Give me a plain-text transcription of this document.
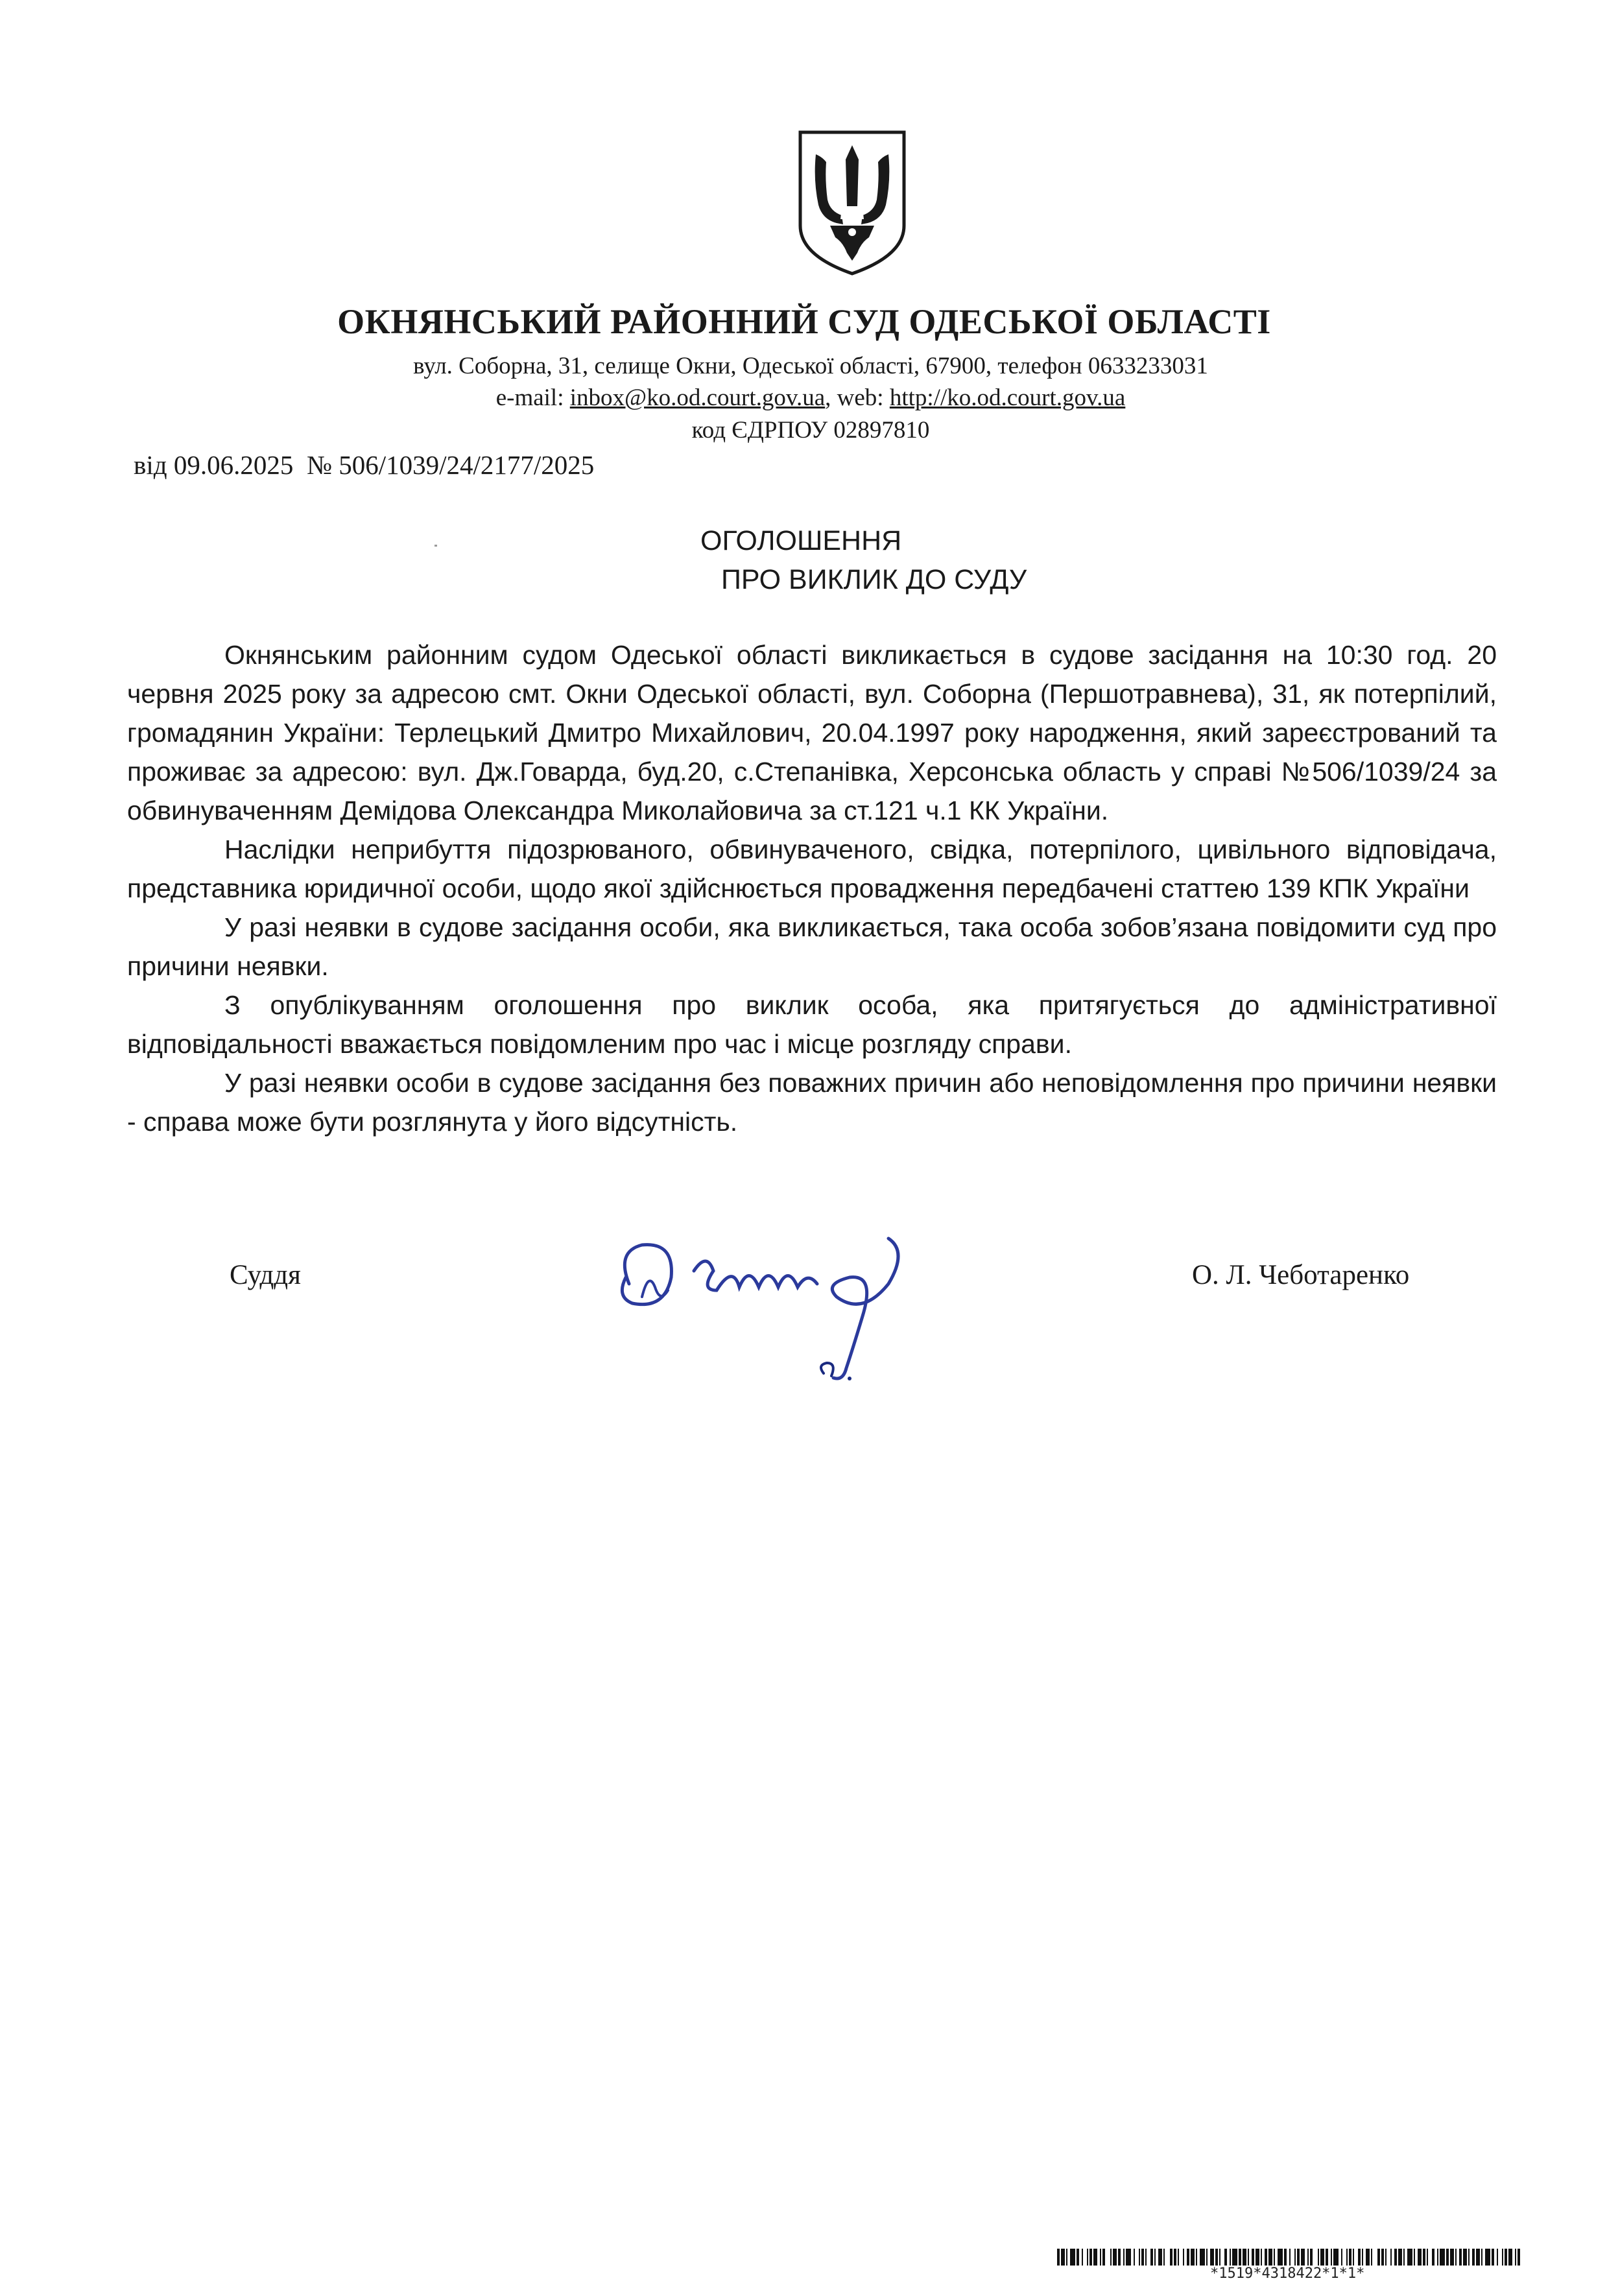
ОКНЯНСЬКИЙ РАЙОННИЙ СУД ОДЕСЬКОЇ ОБЛАСТІ
вул. Соборна, 31, селище Окни, Одеської області, 67900, телефон 0633233031
e-mail: inbox@ko.od.court.gov.ua, web: http://ko.od.court.gov.ua
код ЄДРПОУ 02897810
від 09.06.2025  № 506/1039/24/2177/2025
ОГОЛОШЕННЯ
ПРО ВИКЛИК ДО СУДУ

Окнянським районним судом Одеської області викликається в судове засідання на 10:30 год. 20 червня 2025 року за адресою смт. Окни Одеської області, вул. Соборна (Першотравнева), 31, як потерпілий, громадянин України: Терлецький Дмитро Михайлович, 20.04.1997 року народження, який зареєстрований та проживає за адресою: вул. Дж.Говарда, буд.20, с.Степанівка, Херсонська область у справі №506/1039/24 за обвинуваченням Демідова Олександра Миколайовича за ст.121 ч.1 КК України.

Наслідки неприбуття підозрюваного, обвинуваченого, свідка, потерпілого, цивільного відповідача, представника юридичної особи, щодо якої здійснюється провадження передбачені статтею 139 КПК України

У разі неявки в судове засідання особи, яка викликається, така особа зобов’язана повідомити суд про причини неявки.

З опублікуванням оголошення про виклик особа, яка притягується до адміністративної відповідальності вважається повідомленим про час і місце розгляду справи.

У разі неявки особи в судове засідання без поважних причин або неповідомлення про причини неявки - справа може бути розглянута у його відсутність.

Суддя	О. Л. Чеботаренко
*1519*4318422*1*1*
